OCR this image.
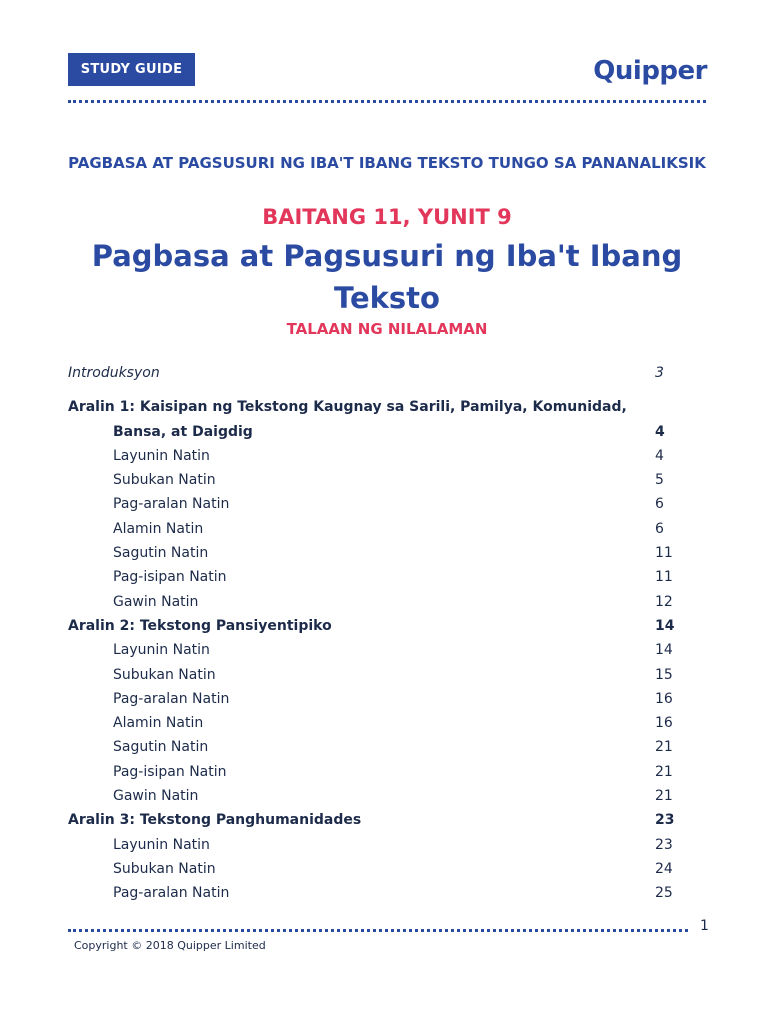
STUDY GUIDE	Quipper
PAGBASA AT PAGSUSURI NG IBA'T IBANG TEKSTO TUNGO SA PANANALIKSIK
BAITANG 11, YUNIT 9
Pagbasa at Pagsusuri ng Iba't Ibang Teksto
TALAAN NG NILALAMAN
Introduksyon	3
Aralin 1: Kaisipan ng Tekstong Kaugnay sa Sarili, Pamilya, Komunidad,
Bansa, at Daigdig	4
Layunin Natin	4
Subukan Natin	5
Pag-aralan Natin	6
Alamin Natin	6
Sagutin Natin	11
Pag-isipan Natin	11
Gawin Natin	12
Aralin 2: Tekstong Pansiyentipiko	14
Layunin Natin	14
Subukan Natin	15
Pag-aralan Natin	16
Alamin Natin	16
Sagutin Natin	21
Pag-isipan Natin	21
Gawin Natin	21
Aralin 3: Tekstong Panghumanidades	23
Layunin Natin	23
Subukan Natin	24
Pag-aralan Natin	25
1
Copyright © 2018 Quipper Limited
